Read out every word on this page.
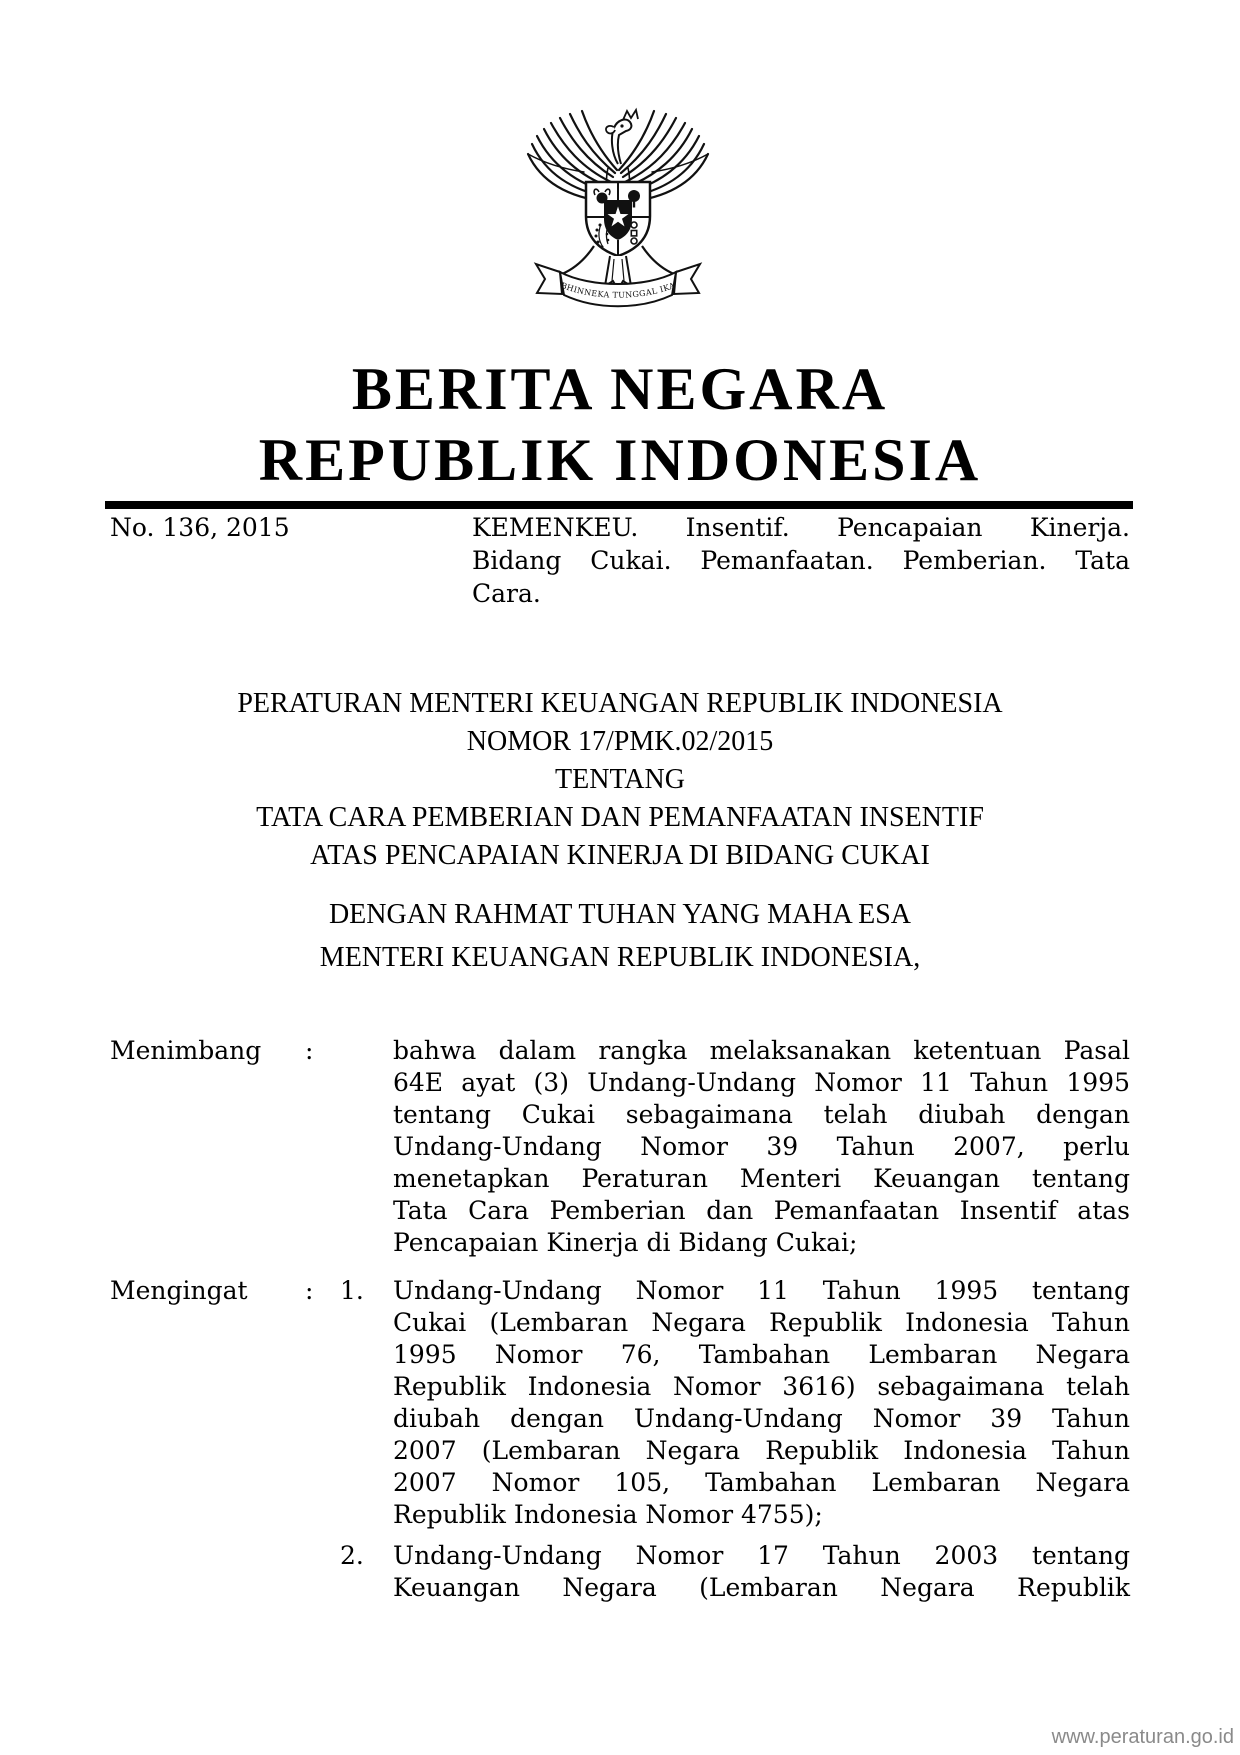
BHINNEKA TUNGGAL IKA
BERITA NEGARA
REPUBLIK INDONESIA
No. 136, 2015	KEMENKEU. Insentif. Pencapaian Kinerja.
Bidang Cukai. Pemanfaatan. Pemberian. Tata
Cara.
PERATURAN MENTERI KEUANGAN REPUBLIK INDONESIA
NOMOR 17/PMK.02/2015
TENTANG
TATA CARA PEMBERIAN DAN PEMANFAATAN INSENTIF
ATAS PENCAPAIAN KINERJA DI BIDANG CUKAI
DENGAN RAHMAT TUHAN YANG MAHA ESA
MENTERI KEUANGAN REPUBLIK INDONESIA,
Menimbang	:	bahwa dalam rangka melaksanakan ketentuan Pasal
64E ayat (3) Undang-Undang Nomor 11 Tahun 1995
tentang Cukai sebagaimana telah diubah dengan
Undang-Undang Nomor 39 Tahun 2007, perlu
menetapkan Peraturan Menteri Keuangan tentang
Tata Cara Pemberian dan Pemanfaatan Insentif atas
Pencapaian Kinerja di Bidang Cukai;
Mengingat	:	1.	Undang-Undang Nomor 11 Tahun 1995 tentang
Cukai (Lembaran Negara Republik Indonesia Tahun
1995 Nomor 76, Tambahan Lembaran Negara
Republik Indonesia Nomor 3616) sebagaimana telah
diubah dengan Undang-Undang Nomor 39 Tahun
2007 (Lembaran Negara Republik Indonesia Tahun
2007 Nomor 105, Tambahan Lembaran Negara
Republik Indonesia Nomor 4755);
2.	Undang-Undang Nomor 17 Tahun 2003 tentang
Keuangan Negara (Lembaran Negara Republik
www.peraturan.go.id
